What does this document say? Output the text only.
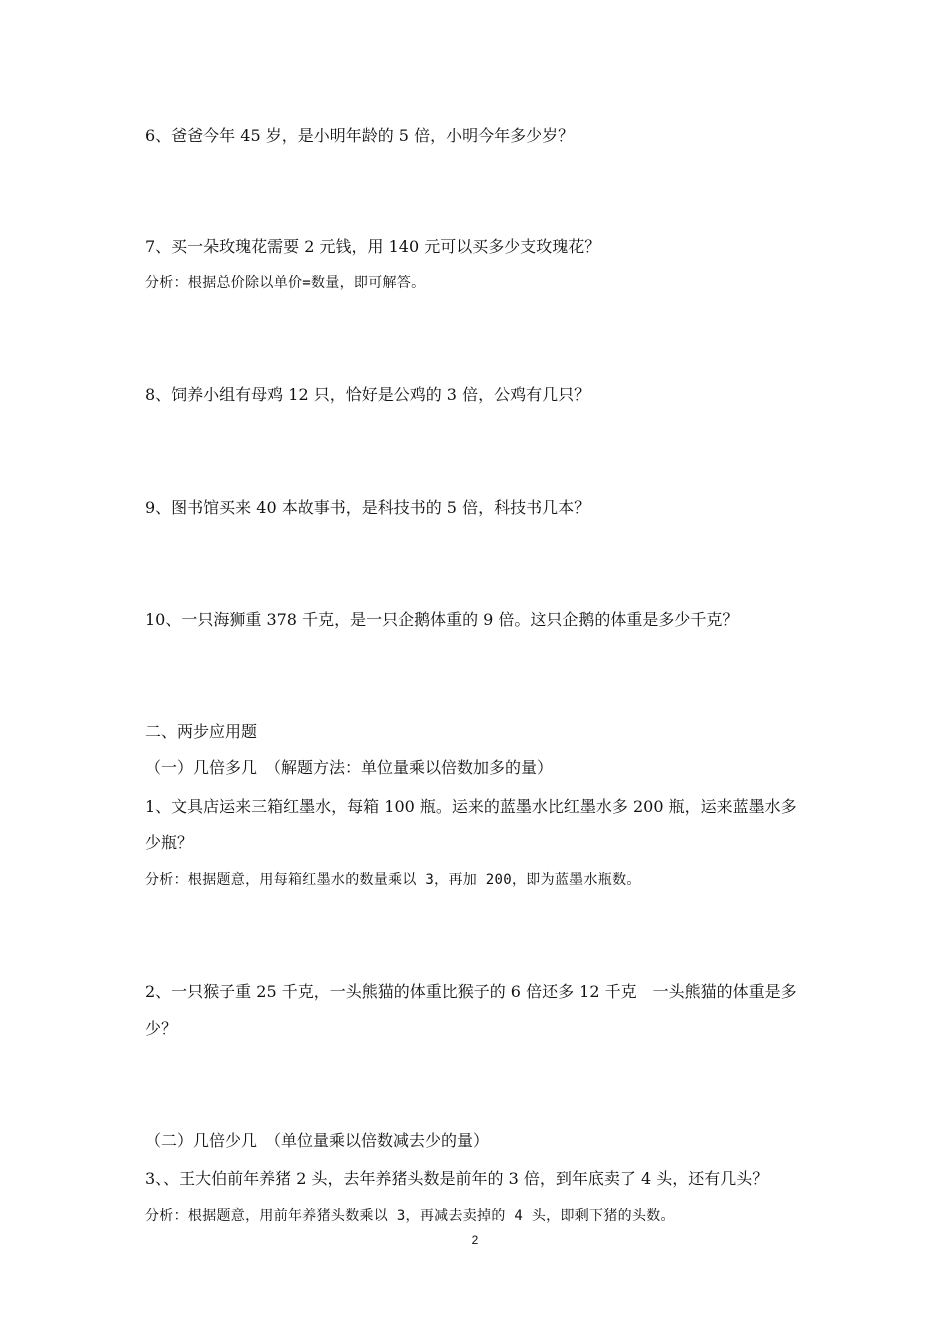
6、爸爸今年 45 岁，是小明年龄的 5 倍，小明今年多少岁？
7、买一朵玫瑰花需要 2 元钱，用 140 元可以买多少支玫瑰花？
分析：根据总价除以单价=数量，即可解答。
8、饲养小组有母鸡 12 只，恰好是公鸡的 3 倍，公鸡有几只？
9、图书馆买来 40 本故事书，是科技书的 5 倍，科技书几本？
10、一只海狮重 378 千克，是一只企鹅体重的 9 倍。这只企鹅的体重是多少千克？
二、两步应用题
（一）几倍多几　（解题方法：单位量乘以倍数加多的量）
1、文具店运来三箱红墨水，每箱 100 瓶。运来的蓝墨水比红墨水多 200 瓶，运来蓝墨水多
少瓶？
分析：根据题意，用每箱红墨水的数量乘以 3，再加 200，即为蓝墨水瓶数。
2、一只猴子重 25 千克，一头熊猫的体重比猴子的 6 倍还多 12 千克　一头熊猫的体重是多
少？
（二）几倍少几　（单位量乘以倍数减去少的量）
3、、王大伯前年养猪 2 头，去年养猪头数是前年的 3 倍，到年底卖了 4 头，还有几头？
分析：根据题意，用前年养猪头数乘以 3，再减去卖掉的 4 头，即剩下猪的头数。
2
